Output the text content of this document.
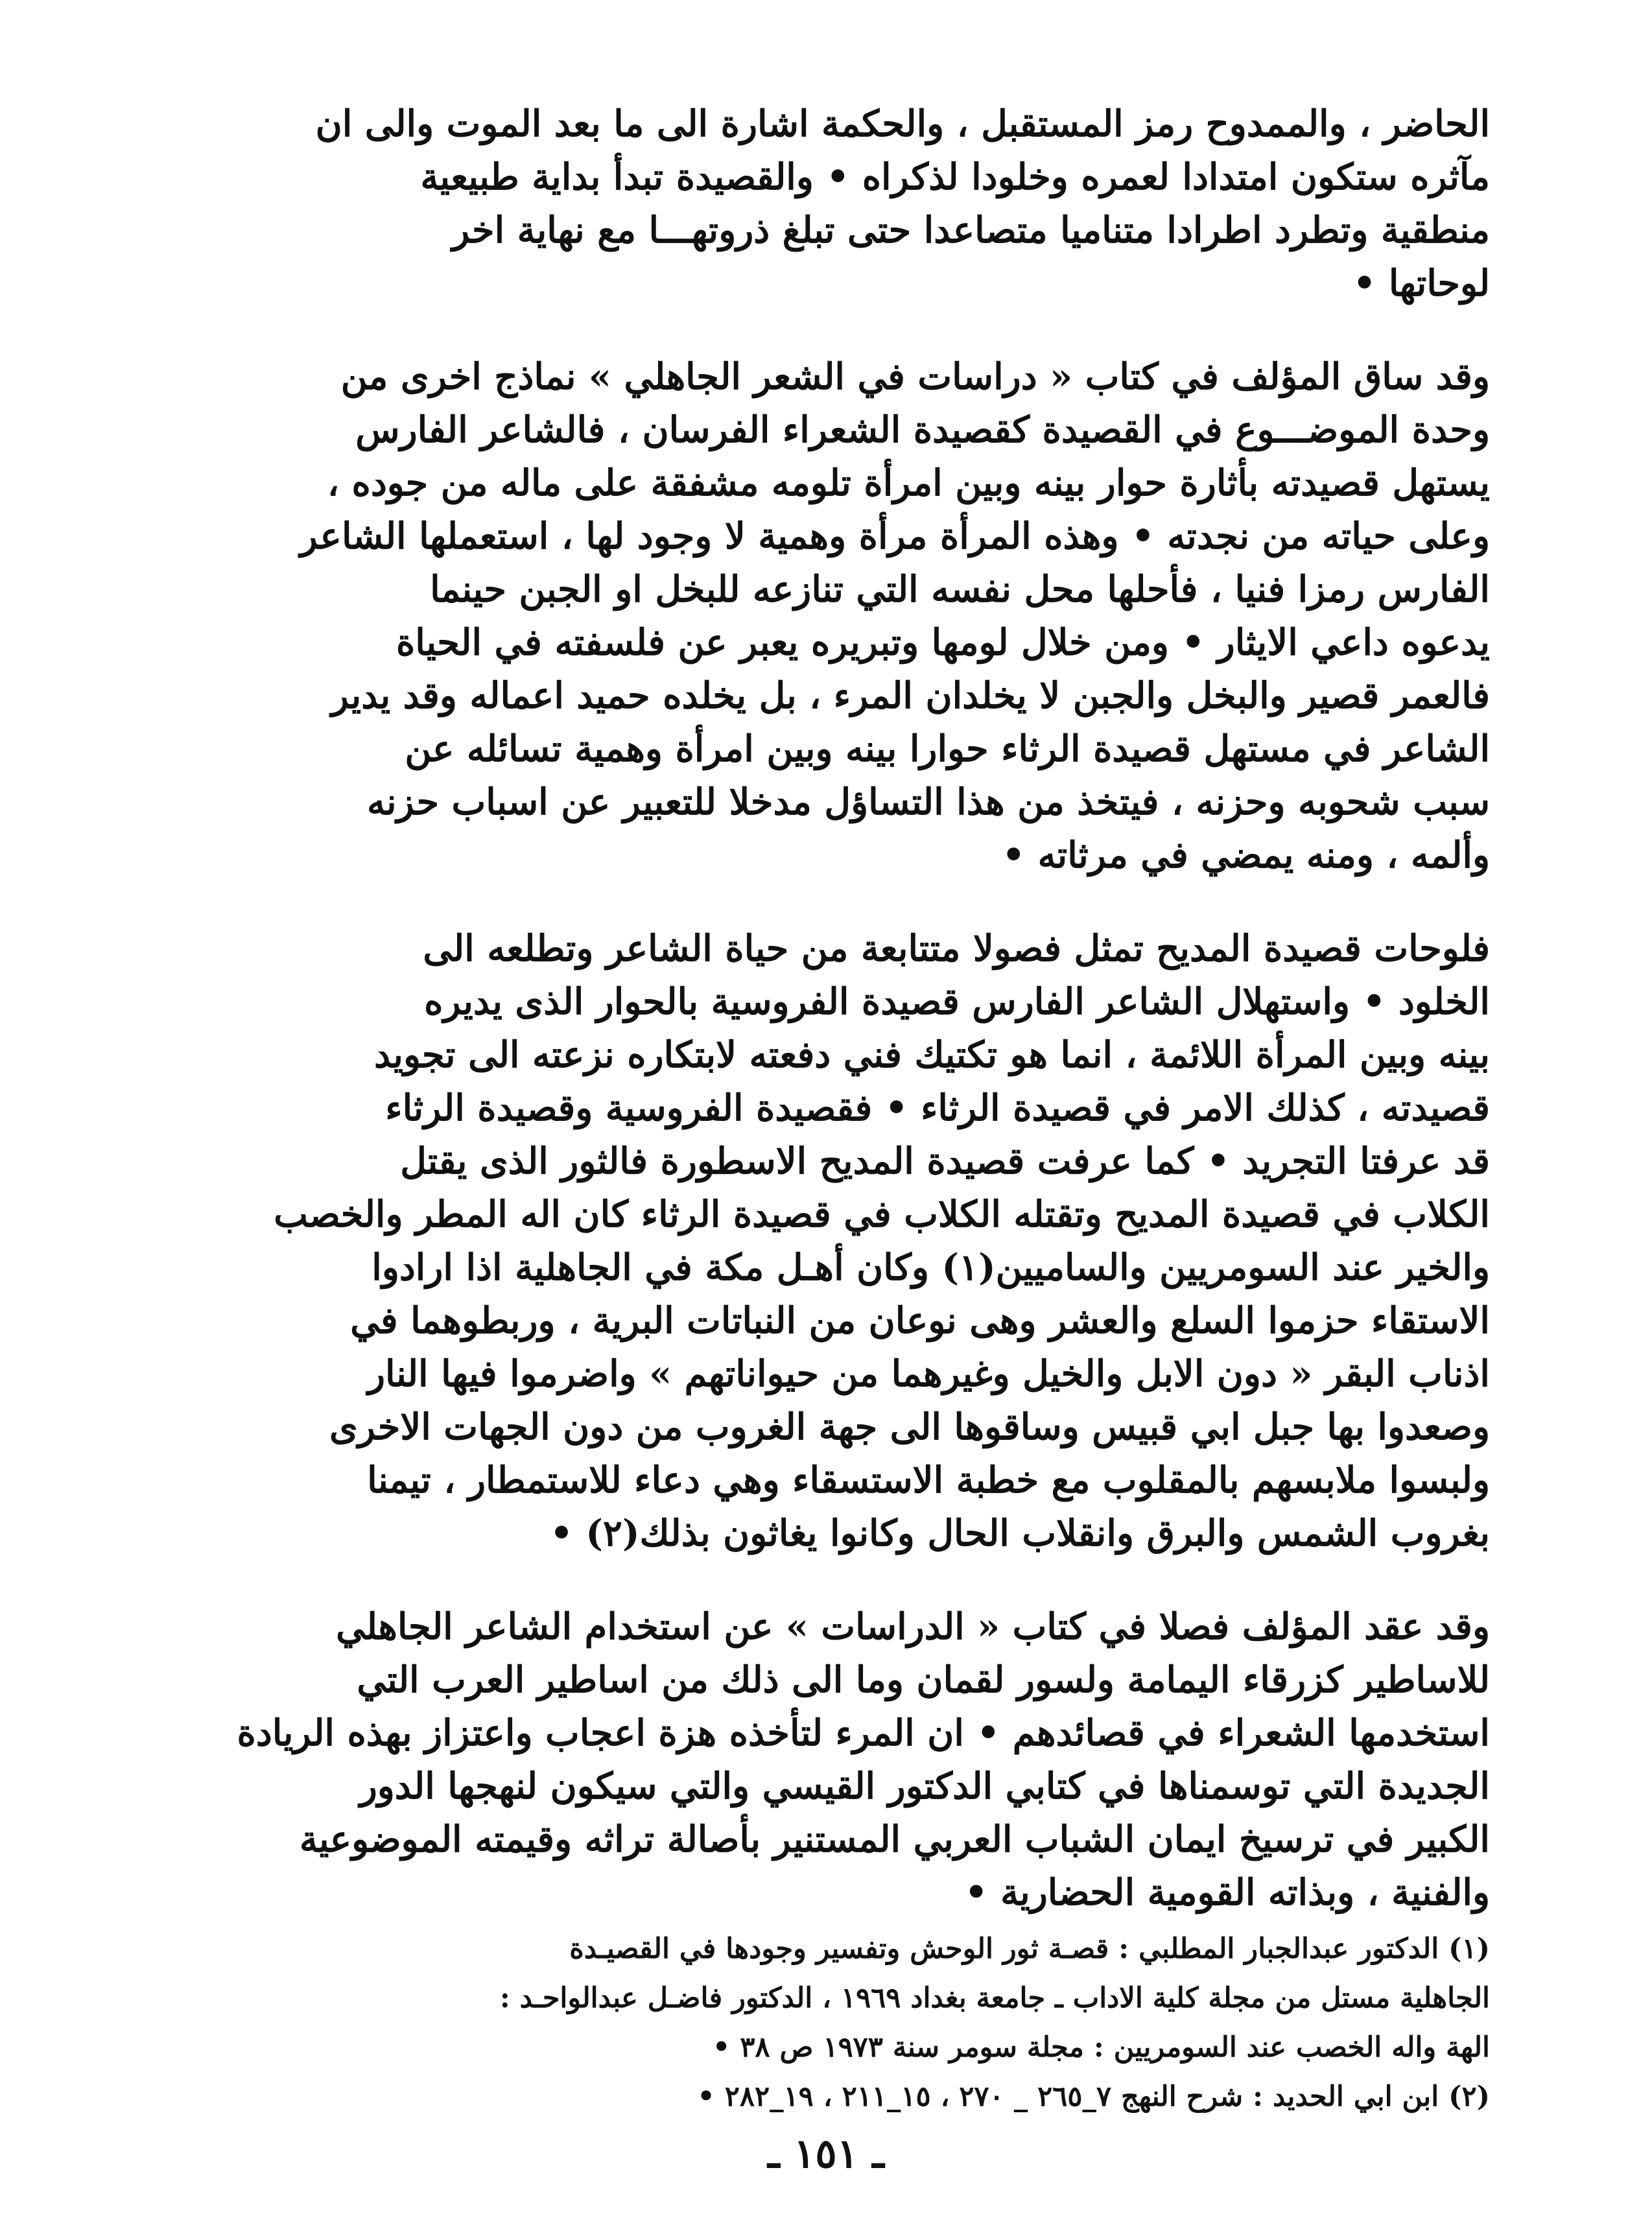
الحاضر ، والممدوح رمز المستقبل ، والحكمة اشارة الى ما بعد الموت والى ان
مآثره ستكون امتدادا لعمره وخلودا لذكراه • والقصيدة تبدأ بداية طبيعية
منطقية وتطرد اطرادا متناميا متصاعدا حتى تبلغ ذروتهـــا مع نهاية اخر
لوحاتها •

وقد ساق المؤلف في كتاب « دراسات في الشعر الجاهلي » نماذج اخرى من
وحدة الموضـــوع في القصيدة كقصيدة الشعراء الفرسان ، فالشاعر الفارس
يستهل قصيدته بأثارة حوار بينه وبين امرأة تلومه مشفقة على ماله من جوده ،
وعلى حياته من نجدته • وهذه المرأة مرأة وهمية لا وجود لها ، استعملها الشاعر
الفارس رمزا فنيا ، فأحلها محل نفسه التي تنازعه للبخل او الجبن حينما
يدعوه داعي الايثار • ومن خلال لومها وتبريره يعبر عن فلسفته في الحياة
فالعمر قصير والبخل والجبن لا يخلدان المرء ، بل يخلده حميد اعماله وقد يدير
الشاعر في مستهل قصيدة الرثاء حوارا بينه وبين امرأة وهمية تسائله عن
سبب شحوبه وحزنه ، فيتخذ من هذا التساؤل مدخلا للتعبير عن اسباب حزنه
وألمه ، ومنه يمضي في مرثاته •

فلوحات قصيدة المديح تمثل فصولا متتابعة من حياة الشاعر وتطلعه الى
الخلود • واستهلال الشاعر الفارس قصيدة الفروسية بالحوار الذى يديره
بينه وبين المرأة اللائمة ، انما هو تكتيك فني دفعته لابتكاره نزعته الى تجويد
قصيدته ، كذلك الامر في قصيدة الرثاء • فقصيدة الفروسية وقصيدة الرثاء
قد عرفتا التجريد • كما عرفت قصيدة المديح الاسطورة فالثور الذى يقتل
الكلاب في قصيدة المديح وتقتله الكلاب في قصيدة الرثاء كان اله المطر والخصب
والخير عند السومريين والساميين(١) وكان أهـل مكة في الجاهلية اذا ارادوا
الاستقاء حزموا السلع والعشر وهى نوعان من النباتات البرية ، وربطوهما في
اذناب البقر « دون الابل والخيل وغيرهما من حيواناتهم » واضرموا فيها النار
وصعدوا بها جبل ابي قبيس وساقوها الى جهة الغروب من دون الجهات الاخرى
ولبسوا ملابسهم بالمقلوب مع خطبة الاستسقاء وهي دعاء للاستمطار ، تيمنا
بغروب الشمس والبرق وانقلاب الحال وكانوا يغاثون بذلك(٢) •

وقد عقد المؤلف فصلا في كتاب « الدراسات » عن استخدام الشاعر الجاهلي
للاساطير كزرقاء اليمامة ولسور لقمان وما الى ذلك من اساطير العرب التي
استخدمها الشعراء في قصائدهم • ان المرء لتأخذه هزة اعجاب واعتزاز بهذه الريادة
الجديدة التي توسمناها في كتابي الدكتور القيسي والتي سيكون لنهجها الدور
الكبير في ترسيخ ايمان الشباب العربي المستنير بأصالة تراثه وقيمته الموضوعية
والفنية ، وبذاته القومية الحضارية •

(١) الدكتور عبدالجبار المطلبي : قصـة ثور الوحش وتفسير وجودها في القصيـدة

الجاهلية مستل من مجلة كلية الاداب ـ جامعة بغداد ١٩٦٩ ، الدكتور فاضـل عبدالواحـد :

الهة واله الخصب عند السومريين : مجلة سومر سنة ١٩٧٣ ص ٣٨ •

(٢) ابن ابي الحديد : شرح النهج ٧_٢٦٥ _ ٢٧٠ ، ١٥_٢١١ ، ١٩_٢٨٢ •

ـ ١٥١ ـ
